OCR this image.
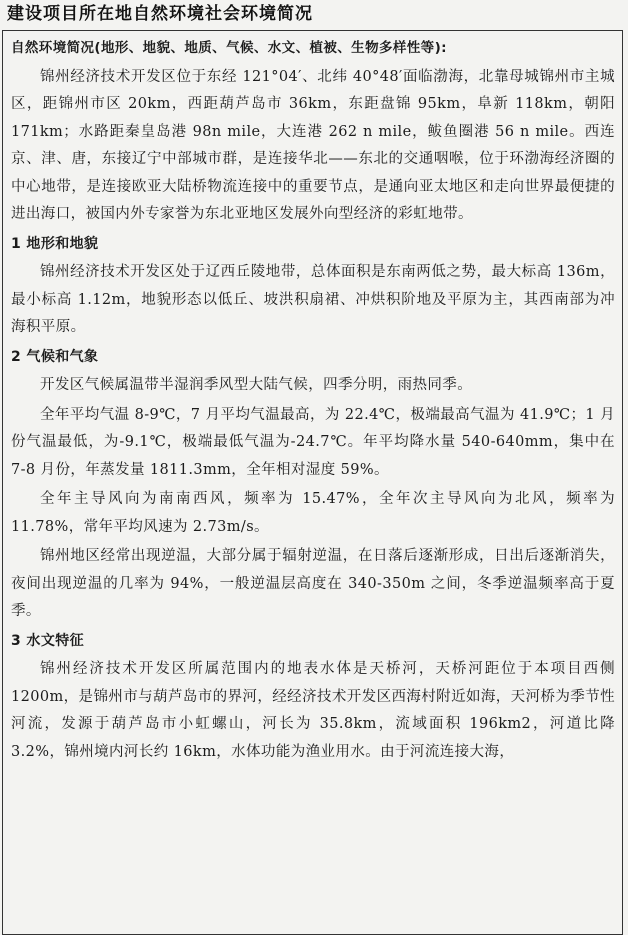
建设项目所在地自然环境社会环境简况
自然环境简况(地形、地貌、地质、气候、水文、植被、生物多样性等):

锦州经济技术开发区位于东经 121°04′、北纬 40°48′面临渤海，北靠母城锦州市主城区，距锦州市区 20km，西距葫芦岛市 36km，东距盘锦 95km，阜新 118km，朝阳 171km；水路距秦皇岛港 98n mile，大连港 262 n mile，鲅鱼圈港 56 n mile。西连京、津、唐，东接辽宁中部城市群，是连接华北——东北的交通咽喉，位于环渤海经济圈的中心地带，是连接欧亚大陆桥物流连接中的重要节点，是通向亚太地区和走向世界最便捷的进出海口，被国内外专家誉为东北亚地区发展外向型经济的彩虹地带。

1 地形和地貌

锦州经济技术开发区处于辽西丘陵地带，总体面积是东南两低之势，最大标高 136m，最小标高 1.12m，地貌形态以低丘、坡洪积扇裙、冲烘积阶地及平原为主，其西南部为冲海积平原。

2 气候和气象

开发区气候属温带半湿润季风型大陆气候，四季分明，雨热同季。

全年平均气温 8-9℃，7 月平均气温最高，为 22.4℃，极端最高气温为 41.9℃；1 月份气温最低，为-9.1℃，极端最低气温为-24.7℃。年平均降水量 540-640mm，集中在 7-8 月份，年蒸发量 1811.3mm，全年相对湿度 59%。

全年主导风向为南南西风，频率为 15.47%，全年次主导风向为北风，频率为 11.78%，常年平均风速为 2.73m/s。

锦州地区经常出现逆温，大部分属于辐射逆温，在日落后逐渐形成，日出后逐渐消失，夜间出现逆温的几率为 94%，一般逆温层高度在 340-350m 之间，冬季逆温频率高于夏季。

3 水文特征

锦州经济技术开发区所属范围内的地表水体是天桥河，天桥河距位于本项目西侧 1200m，是锦州市与葫芦岛市的界河，经经济技术开发区西海村附近如海，天河桥为季节性河流，发源于葫芦岛市小虹螺山，河长为 35.8km，流域面积 196km2，河道比降 3.2%，锦州境内河长约 16km，水体功能为渔业用水。由于河流连接大海，
